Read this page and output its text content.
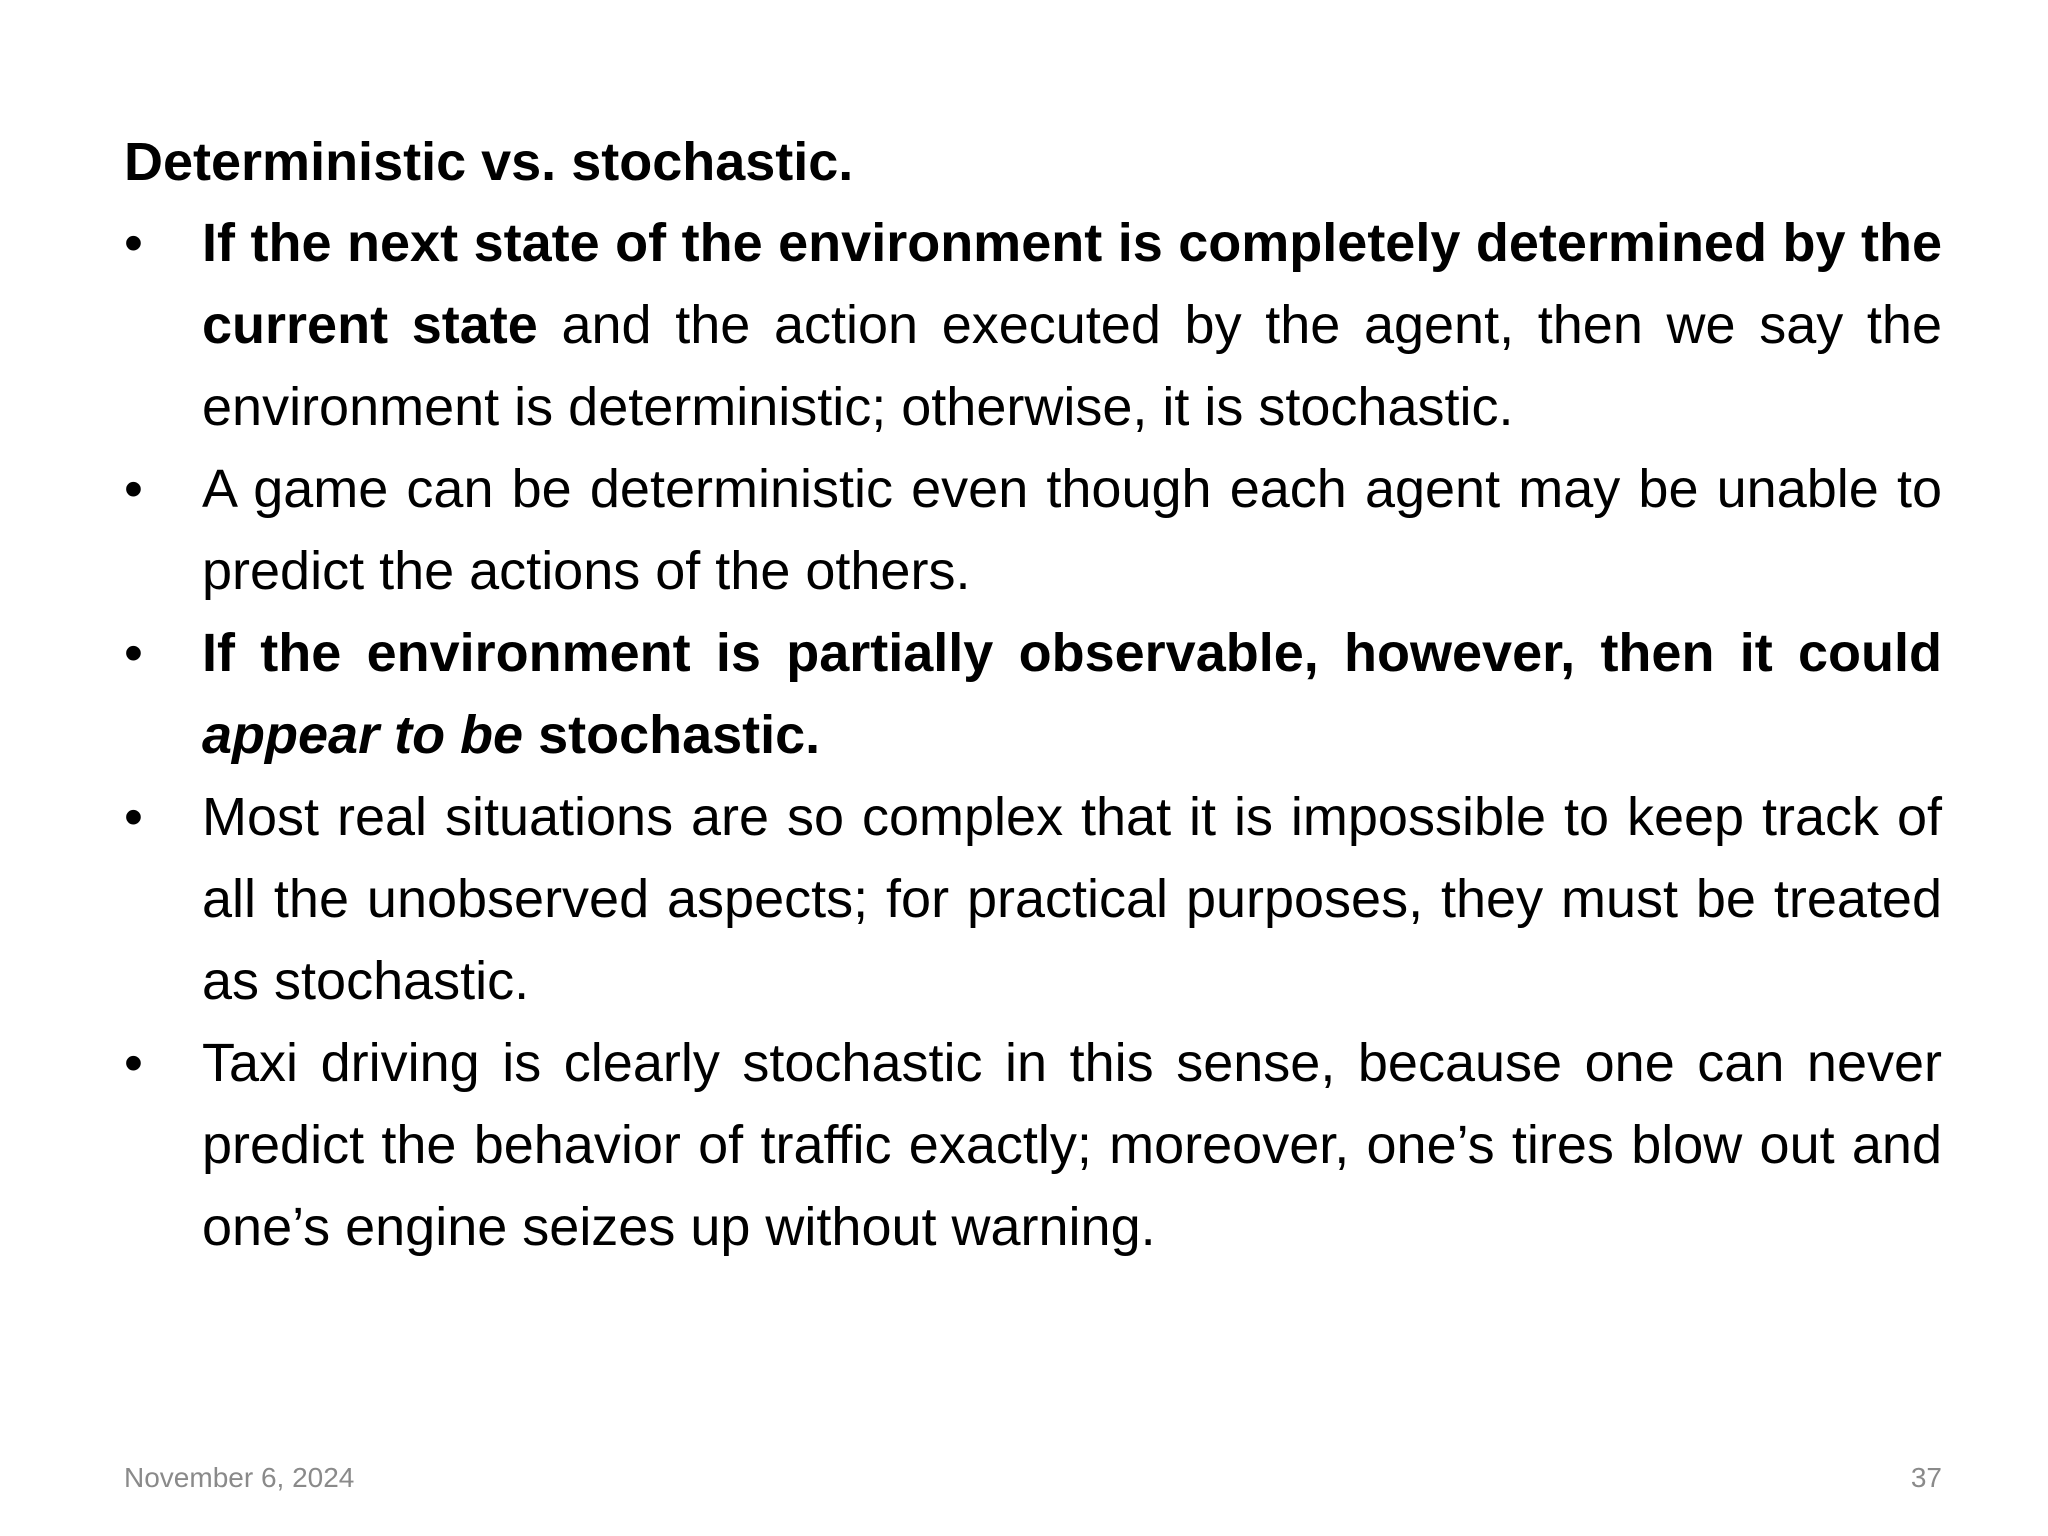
Deterministic vs. stochastic.
•	If the next state of the environment is completely determined by the current state and the action executed by the agent, then we say the environment is deterministic; otherwise, it is stochastic.
•	A game can be deterministic even though each agent may be unable to predict the actions of the others.
•	If the environment is partially observable, however, then it could appear to be stochastic.
•	Most real situations are so complex that it is impossible to keep track of all the unobserved aspects; for practical purposes, they must be treated as stochastic.
•	Taxi driving is clearly stochastic in this sense, because one can never predict the behavior of traffic exactly; moreover, one’s tires blow out and one’s engine seizes up without warning.
November 6, 2024	37
